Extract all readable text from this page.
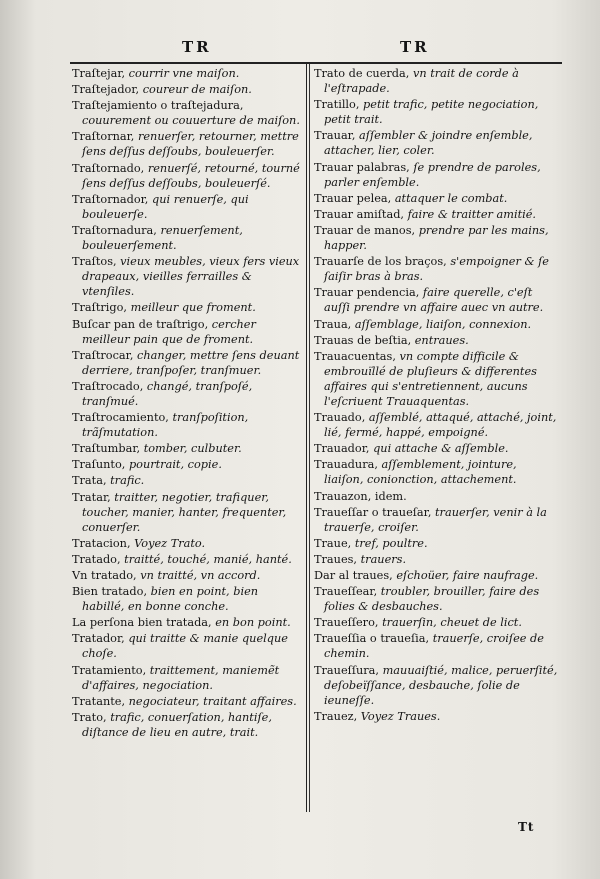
TR	TR
Traſtejar, courrir vne maiſon.
Traſtejador, coureur de maiſon.
Traſtejamiento o traſtejadura, couurement ou couuerture de maiſon.
Traſtornar, renuerſer, retourner, mettre ſens deſſus deſſoubs, bouleuerſer.
Traſtornado, renuerſé, retourné, tourné ſens deſſus deſſoubs, bouleuerſé.
Traſtornador, qui renuerſe, qui bouleuerſe.
Traſtornadura, renuerſement, bouleuerſement.
Traſtos, vieux meubles, vieux fers vieux drapeaux, vieilles ferrailles & vtenſiles.
Traſtrigo, meilleur que froment.
Buſcar pan de traſtrigo, cercher meilleur pain que de froment.
Traſtrocar, changer, mettre ſens deuant derriere, tranſpoſer, tranſmuer.
Traſtrocado, changé, tranſpoſé, tranſmué.
Traſtrocamiento, tranſpoſition, trãſmutation.
Traſtumbar, tomber, culbuter.
Traſunto, pourtrait, copie.
Trata, trafic.
Tratar, traitter, negotier, trafiquer, toucher, manier, hanter, frequenter, conuerſer.
Tratacion, Voyez Trato.
Tratado, traitté, touché, manié, hanté.
Vn tratado, vn traitté, vn accord.
Bien tratado, bien en point, bien habillé, en bonne conche.
La perſona bien tratada, en bon point.
Tratador, qui traitte & manie quelque choſe.
Tratamiento, traittement, maniemẽt d'affaires, negociation.
Tratante, negociateur, traitant affaires.
Trato, trafic, conuerſation, hantiſe, diſtance de lieu en autre, trait.
Trato de cuerda, vn trait de corde à l'eſtrapade.
Tratillo, petit trafic, petite negociation, petit trait.
Trauar, aſſembler & joindre enſemble, attacher, lier, coler.
Trauar palabras, ſe prendre de paroles, parler enſemble.
Trauar pelea, attaquer le combat.
Trauar amiſtad, faire & traitter amitié.
Trauar de manos, prendre par les mains, happer.
Trauarſe de los braços, s'empoigner & ſe ſaiſir bras à bras.
Trauar pendencia, faire querelle, c'eſt auſſi prendre vn affaire auec vn autre.
Traua, aſſemblage, liaiſon, connexion.
Trauas de beſtia, entraues.
Trauacuentas, vn compte difficile & embrouïllé de pluſieurs & differentes affaires qui s'entretiennent, aucuns l'eſcriuent Trauaquentas.
Trauado, aſſemblé, attaqué, attaché, joint, lié, fermé, happé, empoigné.
Trauador, qui attache & aſſemble.
Trauadura, aſſemblement, jointure, liaiſon, conionction, attachement.
Trauazon, idem.
Traueſſar o traueſar, trauerſer, venir à la trauerſe, croiſer.
Traue, tref, poultre.
Traues, trauers.
Dar al traues, eſchoüer, faire naufrage.
Traueſſear, troubler, brouiller, faire des folies & desbauches.
Traueſſero, trauerſin, cheuet de lict.
Traueſſia o traueſia, trauerſe, croiſee de chemin.
Traueſſura, mauuaiſtié, malice, peruerſité, deſobeïſſance, desbauche, ſolie de ieuneſſe.
Trauez, Voyez Traues.
Tt
